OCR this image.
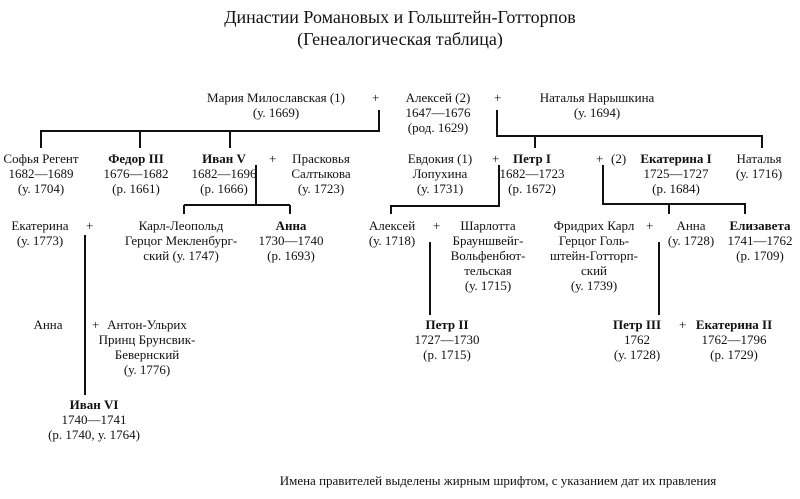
Династии Романовых и Гольштейн-Готторпов
(Генеалогическая таблица)
Мария Милославская (1)
(у. 1669)
+ Алексей (2)
1647—1676
(род. 1629)
+	Наталья Нарышкина
(у. 1694)
Софья Регент
1682—1689
(у. 1704)
Федор III
1676—1682
(р. 1661)
Иван V
1682—1696
(р. 1666)
+ Прасковья
Салтыкова
(у. 1723)
Евдокия (1)
Лопухина
(у. 1731)
+	Петр I
1682—1723
(р. 1672)
+ (2) Екатерина I
1725—1727
(р. 1684)
Наталья
(у. 1716)
Екатерина
(у. 1773)
+	Карл-Леопольд
Герцог Мекленбург-
ский (у. 1747)
Анна
1730—1740
(р. 1693)
Алексей
(у. 1718)
+	Шарлотта
Брауншвейг-
Вольфенбют-
тельская
(у. 1715)
Фридрих Карл
Герцог Голь-
штейн-Готторп-
ский
(у. 1739)
+	Анна
(у. 1728)
Елизавета
1741—1762
(р. 1709)
Анна + Антон-Ульрих
Принц Брунсвик-
Бевернский
(у. 1776)
Петр II
1727—1730
(р. 1715)
Петр III
1762
(у. 1728)
+ Екатерина II
1762—1796
(р. 1729)
Иван VI
1740—1741
(р. 1740, у. 1764)
Имена правителей выделены жирным шрифтом, с указанием дат их правления
